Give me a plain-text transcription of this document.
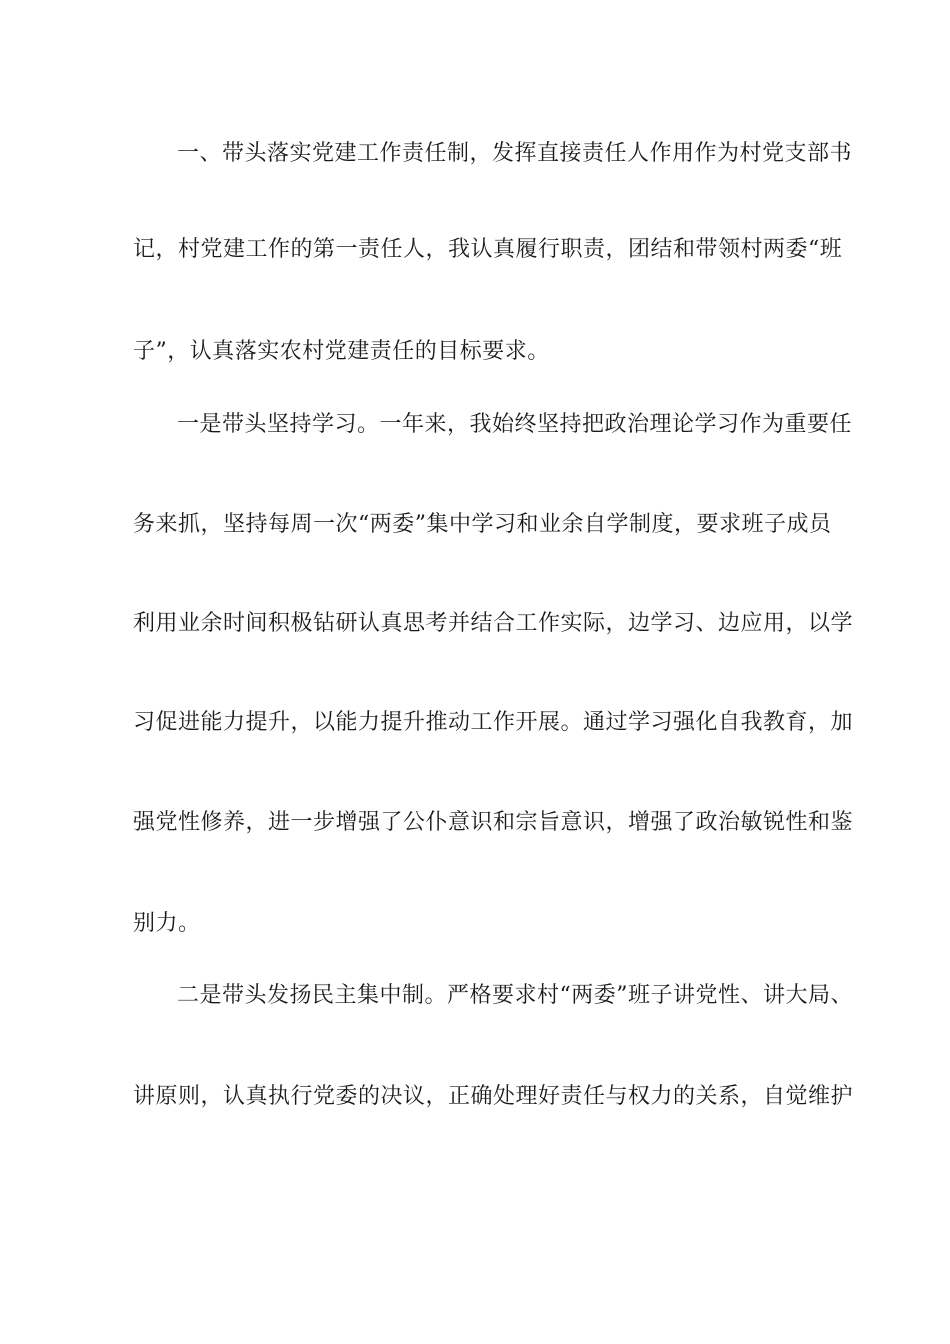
一、带头落实党建工作责任制，发挥直接责任人作用作为村党支部书
记，村党建工作的第一责任人，我认真履行职责，团结和带领村两委“班
子”，认真落实农村党建责任的目标要求。
一是带头坚持学习。一年来，我始终坚持把政治理论学习作为重要任
务来抓，坚持每周一次“两委”集中学习和业余自学制度，要求班子成员
利用业余时间积极钻研认真思考并结合工作实际，边学习、边应用，以学
习促进能力提升，以能力提升推动工作开展。通过学习强化自我教育，加
强党性修养，进一步增强了公仆意识和宗旨意识，增强了政治敏锐性和鉴
别力。
二是带头发扬民主集中制。严格要求村“两委”班子讲党性、讲大局、
讲原则，认真执行党委的决议，正确处理好责任与权力的关系，自觉维护
